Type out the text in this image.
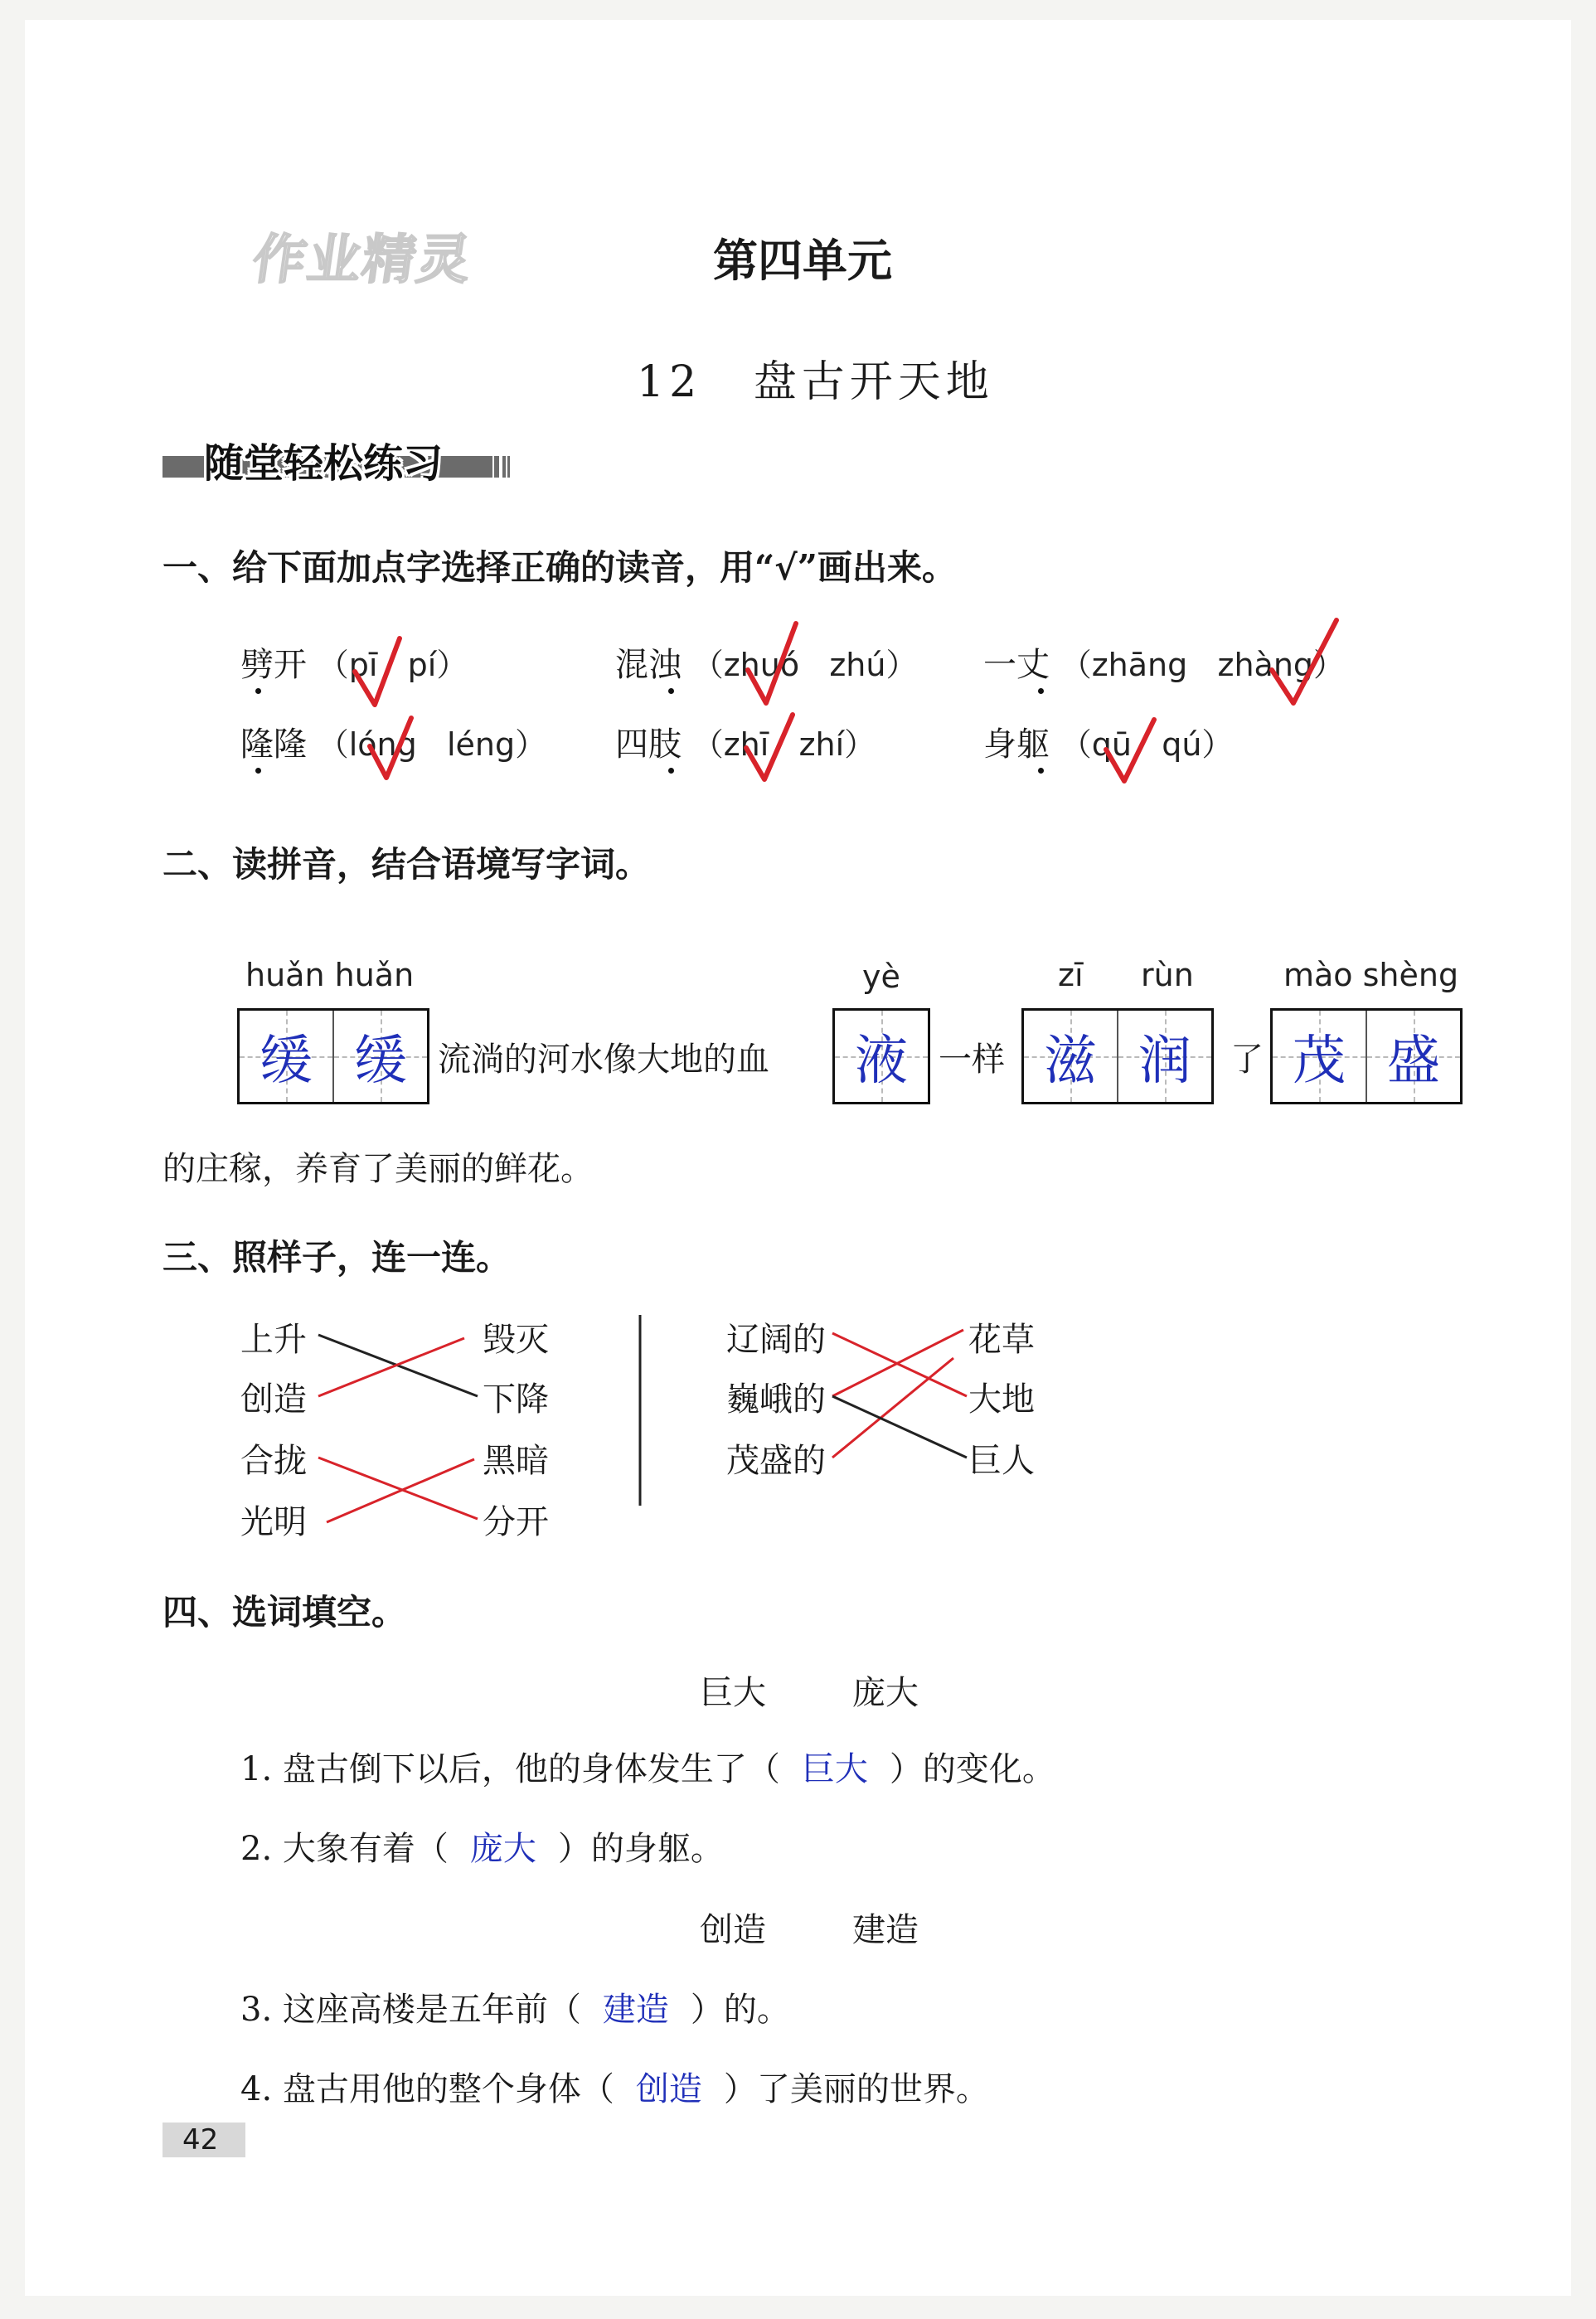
作业精灵	第四单元
12 盘古开天地
随堂轻松练习
一、给下面加点字选择正确的读音，用“√”画出来。
劈开 （pī pí）	混浊 （zhuó zhú） 一丈 （zhāng zhàng）
隆隆 （lóng léng） 四肢 （zhī zhí）	身躯 （qū qú）
二、读拼音，结合语境写字词。
huǎn huǎn	yè	zī rùn	mào shèng
缓 缓 流淌的河水像大地的血 液 一样 滋 润 了 茂 盛
的庄稼，养育了美丽的鲜花。
三、照样子，连一连。
上升
创造
合拢
光明
毁灭
下降
黑暗
分开
辽阔的
巍峨的
茂盛的
花草
大地
巨人
四、选词填空。
巨大	庞大
1. 盘古倒下以后，他的身体发生了（ 巨大 ）的变化。
2. 大象有着（ 庞大 ）的身躯。
创造	建造
3. 这座高楼是五年前（ 建造 ）的。
4. 盘古用他的整个身体（ 创造 ）了美丽的世界。
42
